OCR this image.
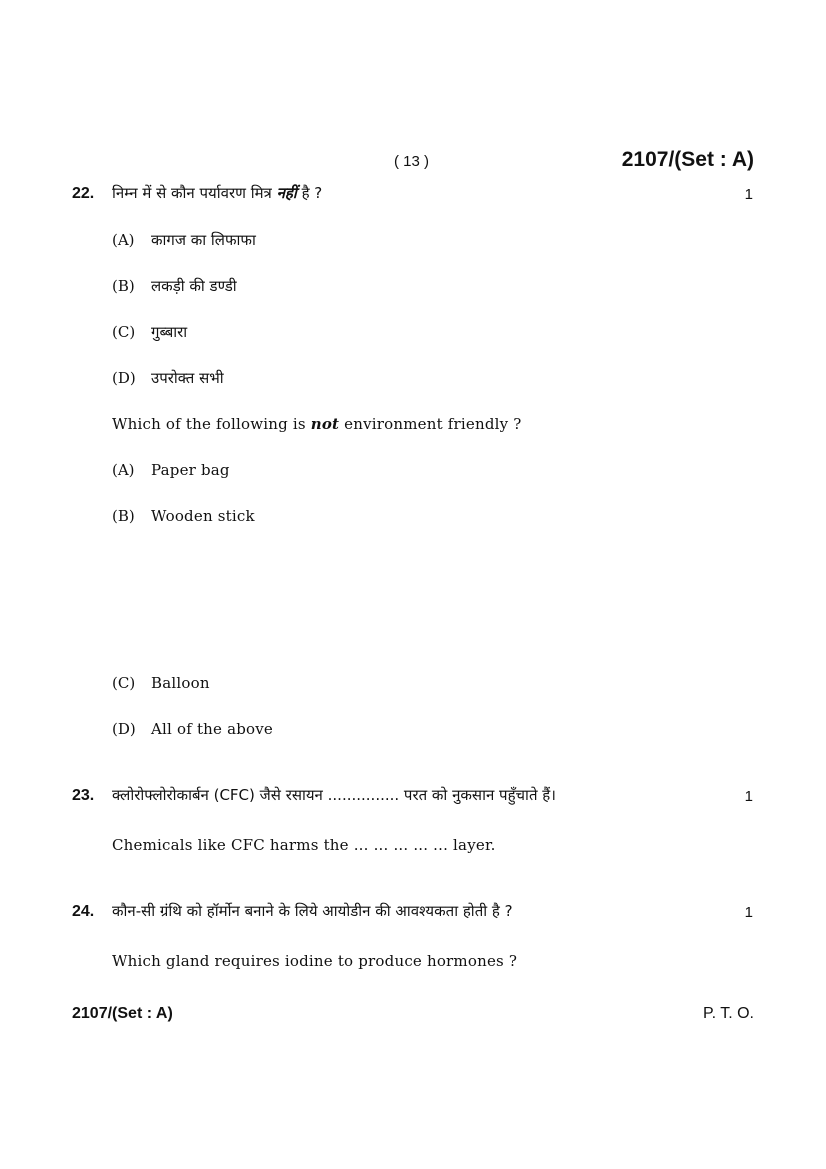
( 13 )	2107/(Set : A)
22. निम्न में से कौन पर्यावरण मित्र नहीं है ?	1
(A) कागज का लिफाफा
(B) लकड़ी की डण्डी
(C) गुब्बारा
(D) उपरोक्त सभी
Which of the following is not environment friendly ?
(A) Paper bag
(B) Wooden stick
(C) Balloon
(D) All of the above
23. क्लोरोफ्लोरोकार्बन (CFC) जैसे रसायन ............... परत को नुकसान पहुँचाते हैं।	1
Chemicals like CFC harms the ... ... ... ... ... layer.
24. कौन-सी ग्रंथि को हॉर्मोन बनाने के लिये आयोडीन की आवश्यकता होती है ?	1
Which gland requires iodine to produce hormones ?
2107/(Set : A)	P. T. O.
